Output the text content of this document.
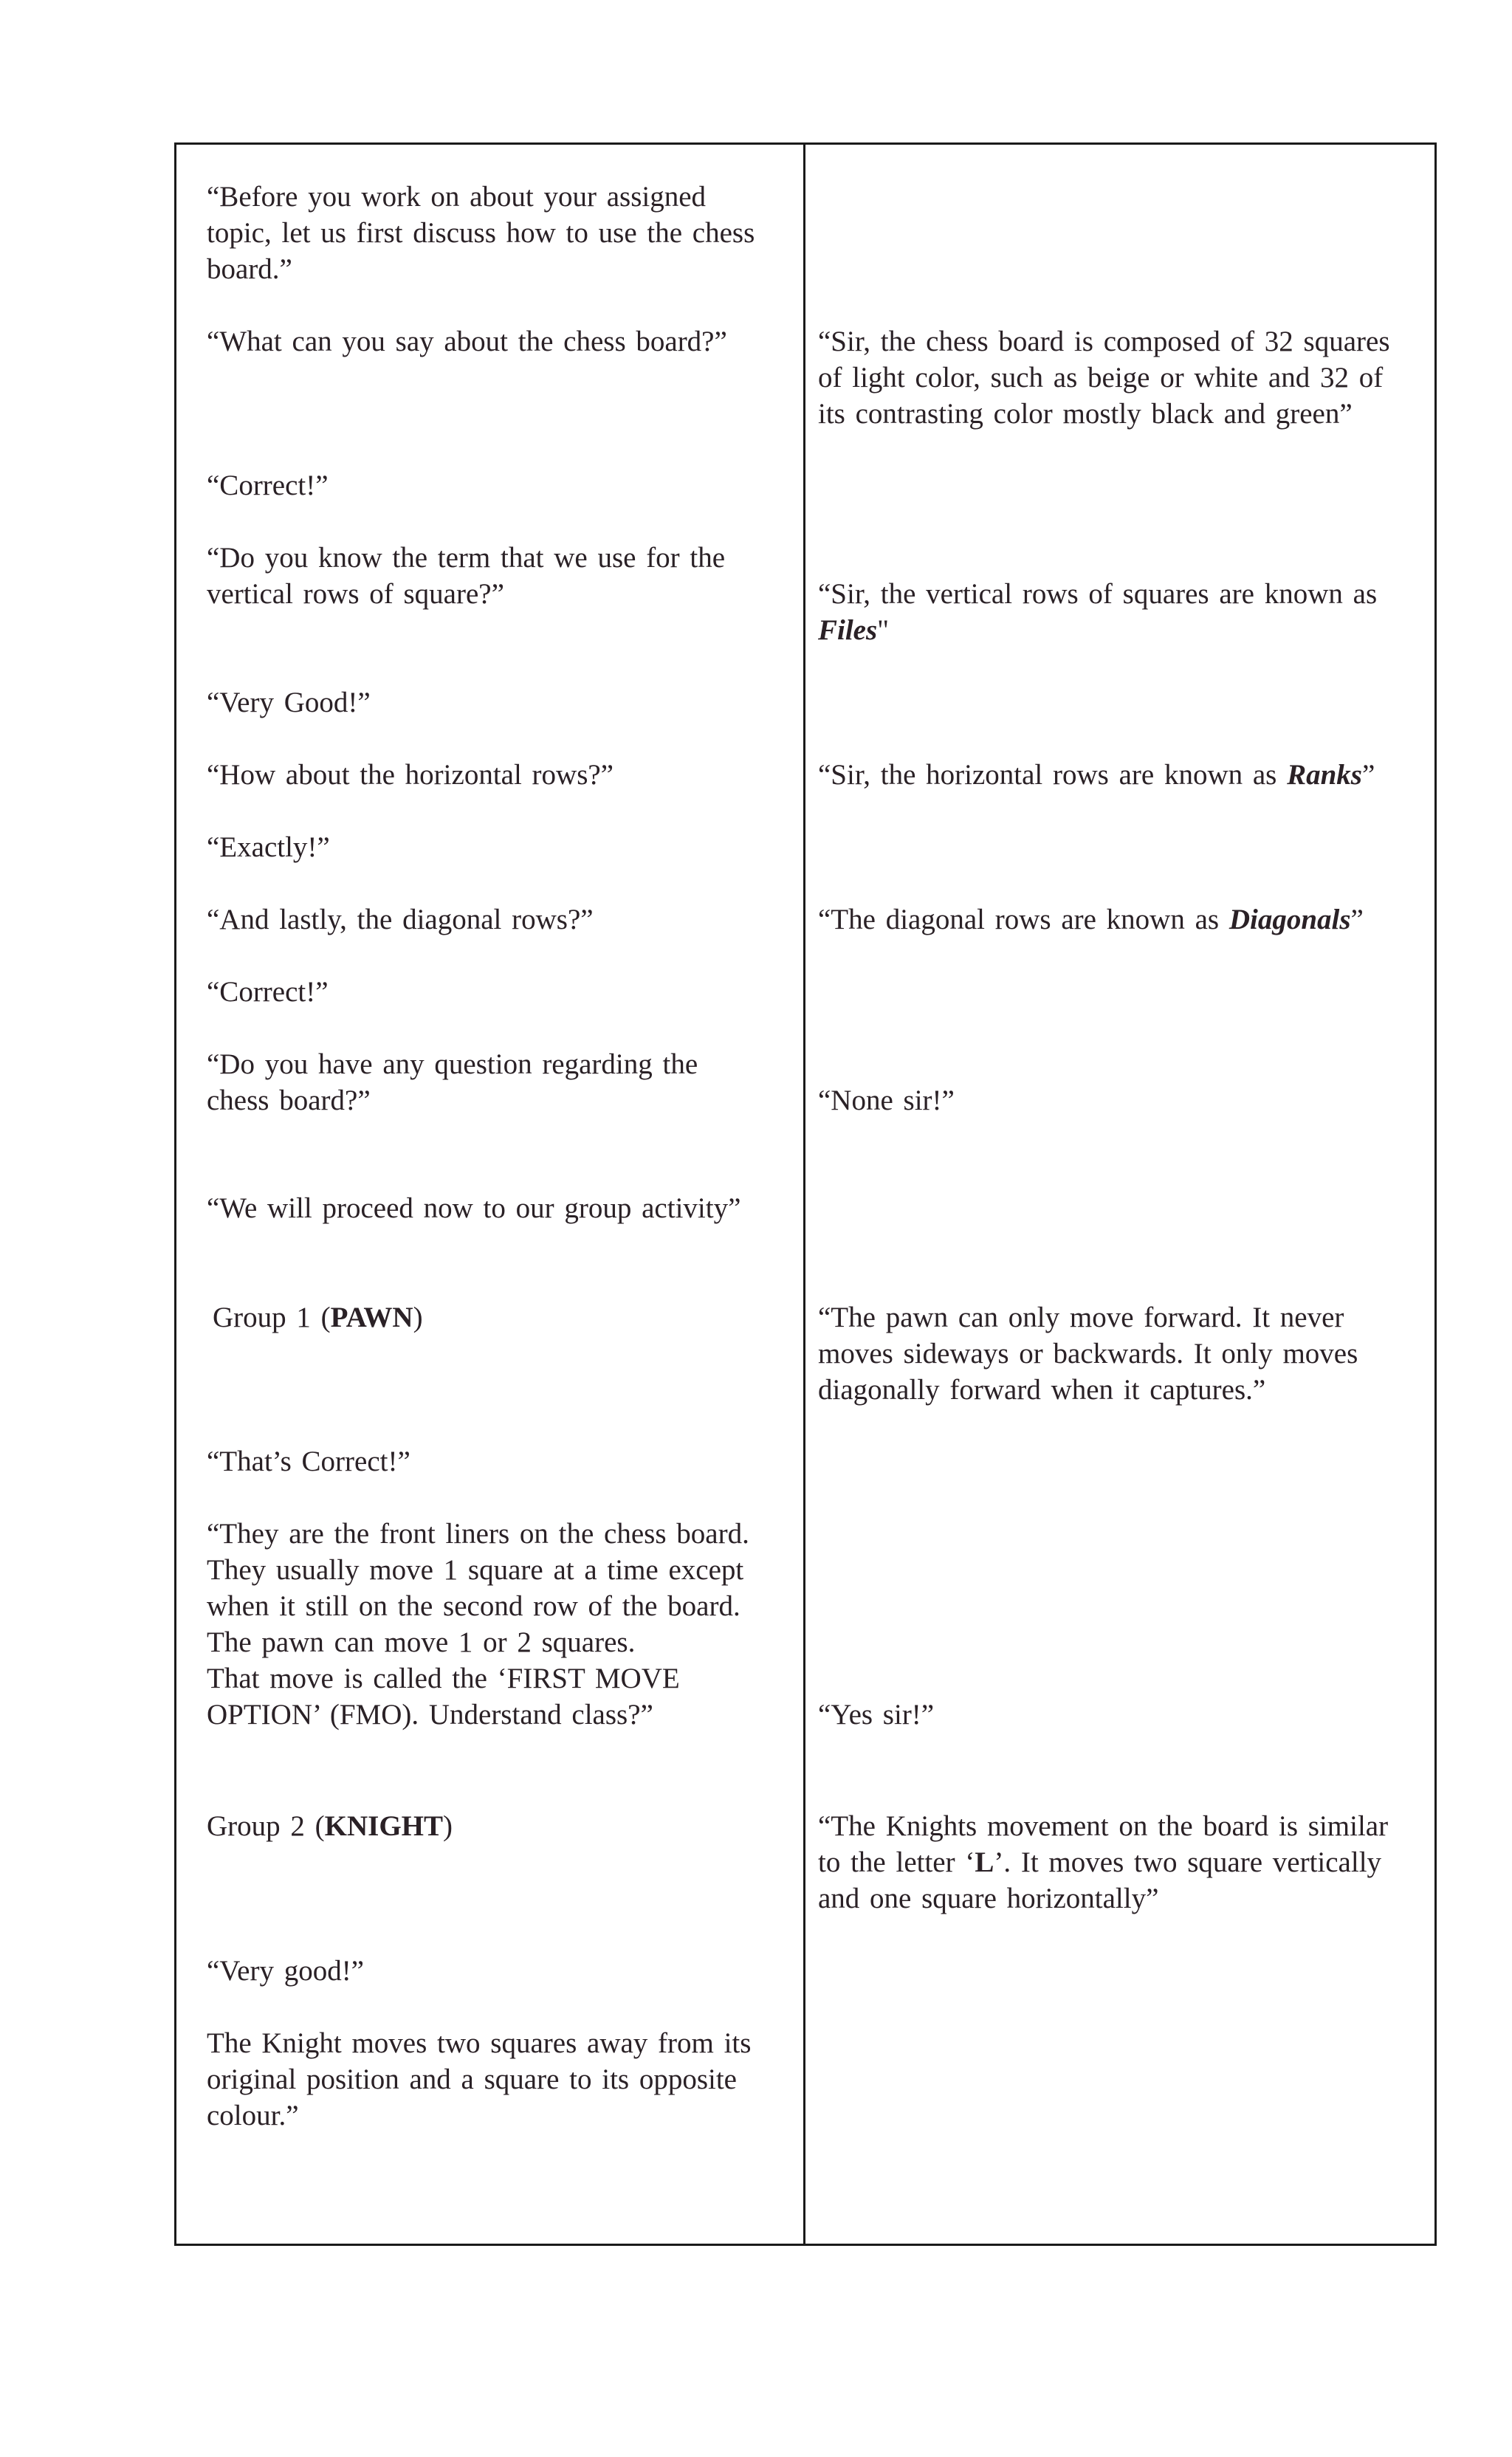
“Before you work on about your assigned
topic, let us first discuss how to use the chess
board.”
“What can you say about the chess board?”
“Correct!”
“Do you know the term that we use for the
vertical rows of square?”
“Very Good!”
“How about the horizontal rows?”
“Exactly!”
“And lastly, the diagonal rows?”
“Correct!”
“Do you have any question regarding the
chess board?”
“We will proceed now to our group activity”
Group 1 (PAWN)
“That’s Correct!”
“They are the front liners on the chess board.
They usually move 1 square at a time except
when it still on the second row of the board.
The pawn can move 1 or 2 squares.
That move is called the ‘FIRST MOVE
OPTION’ (FMO). Understand class?”
Group 2 (KNIGHT)
“Very good!”
The Knight moves two squares away from its
original position and a square to its opposite
colour.”
“Sir, the chess board is composed of 32 squares
of light color, such as beige or white and 32 of
its contrasting color mostly black and green”
“Sir, the vertical rows of squares are known as
Files"
“Sir, the horizontal rows are known as Ranks”
“The diagonal rows are known as Diagonals”
“None sir!”
“The pawn can only move forward. It never
moves sideways or backwards. It only moves
diagonally forward when it captures.”
“Yes sir!”
“The Knights movement on the board is similar
to the letter ‘L’. It moves two square vertically
and one square horizontally”
